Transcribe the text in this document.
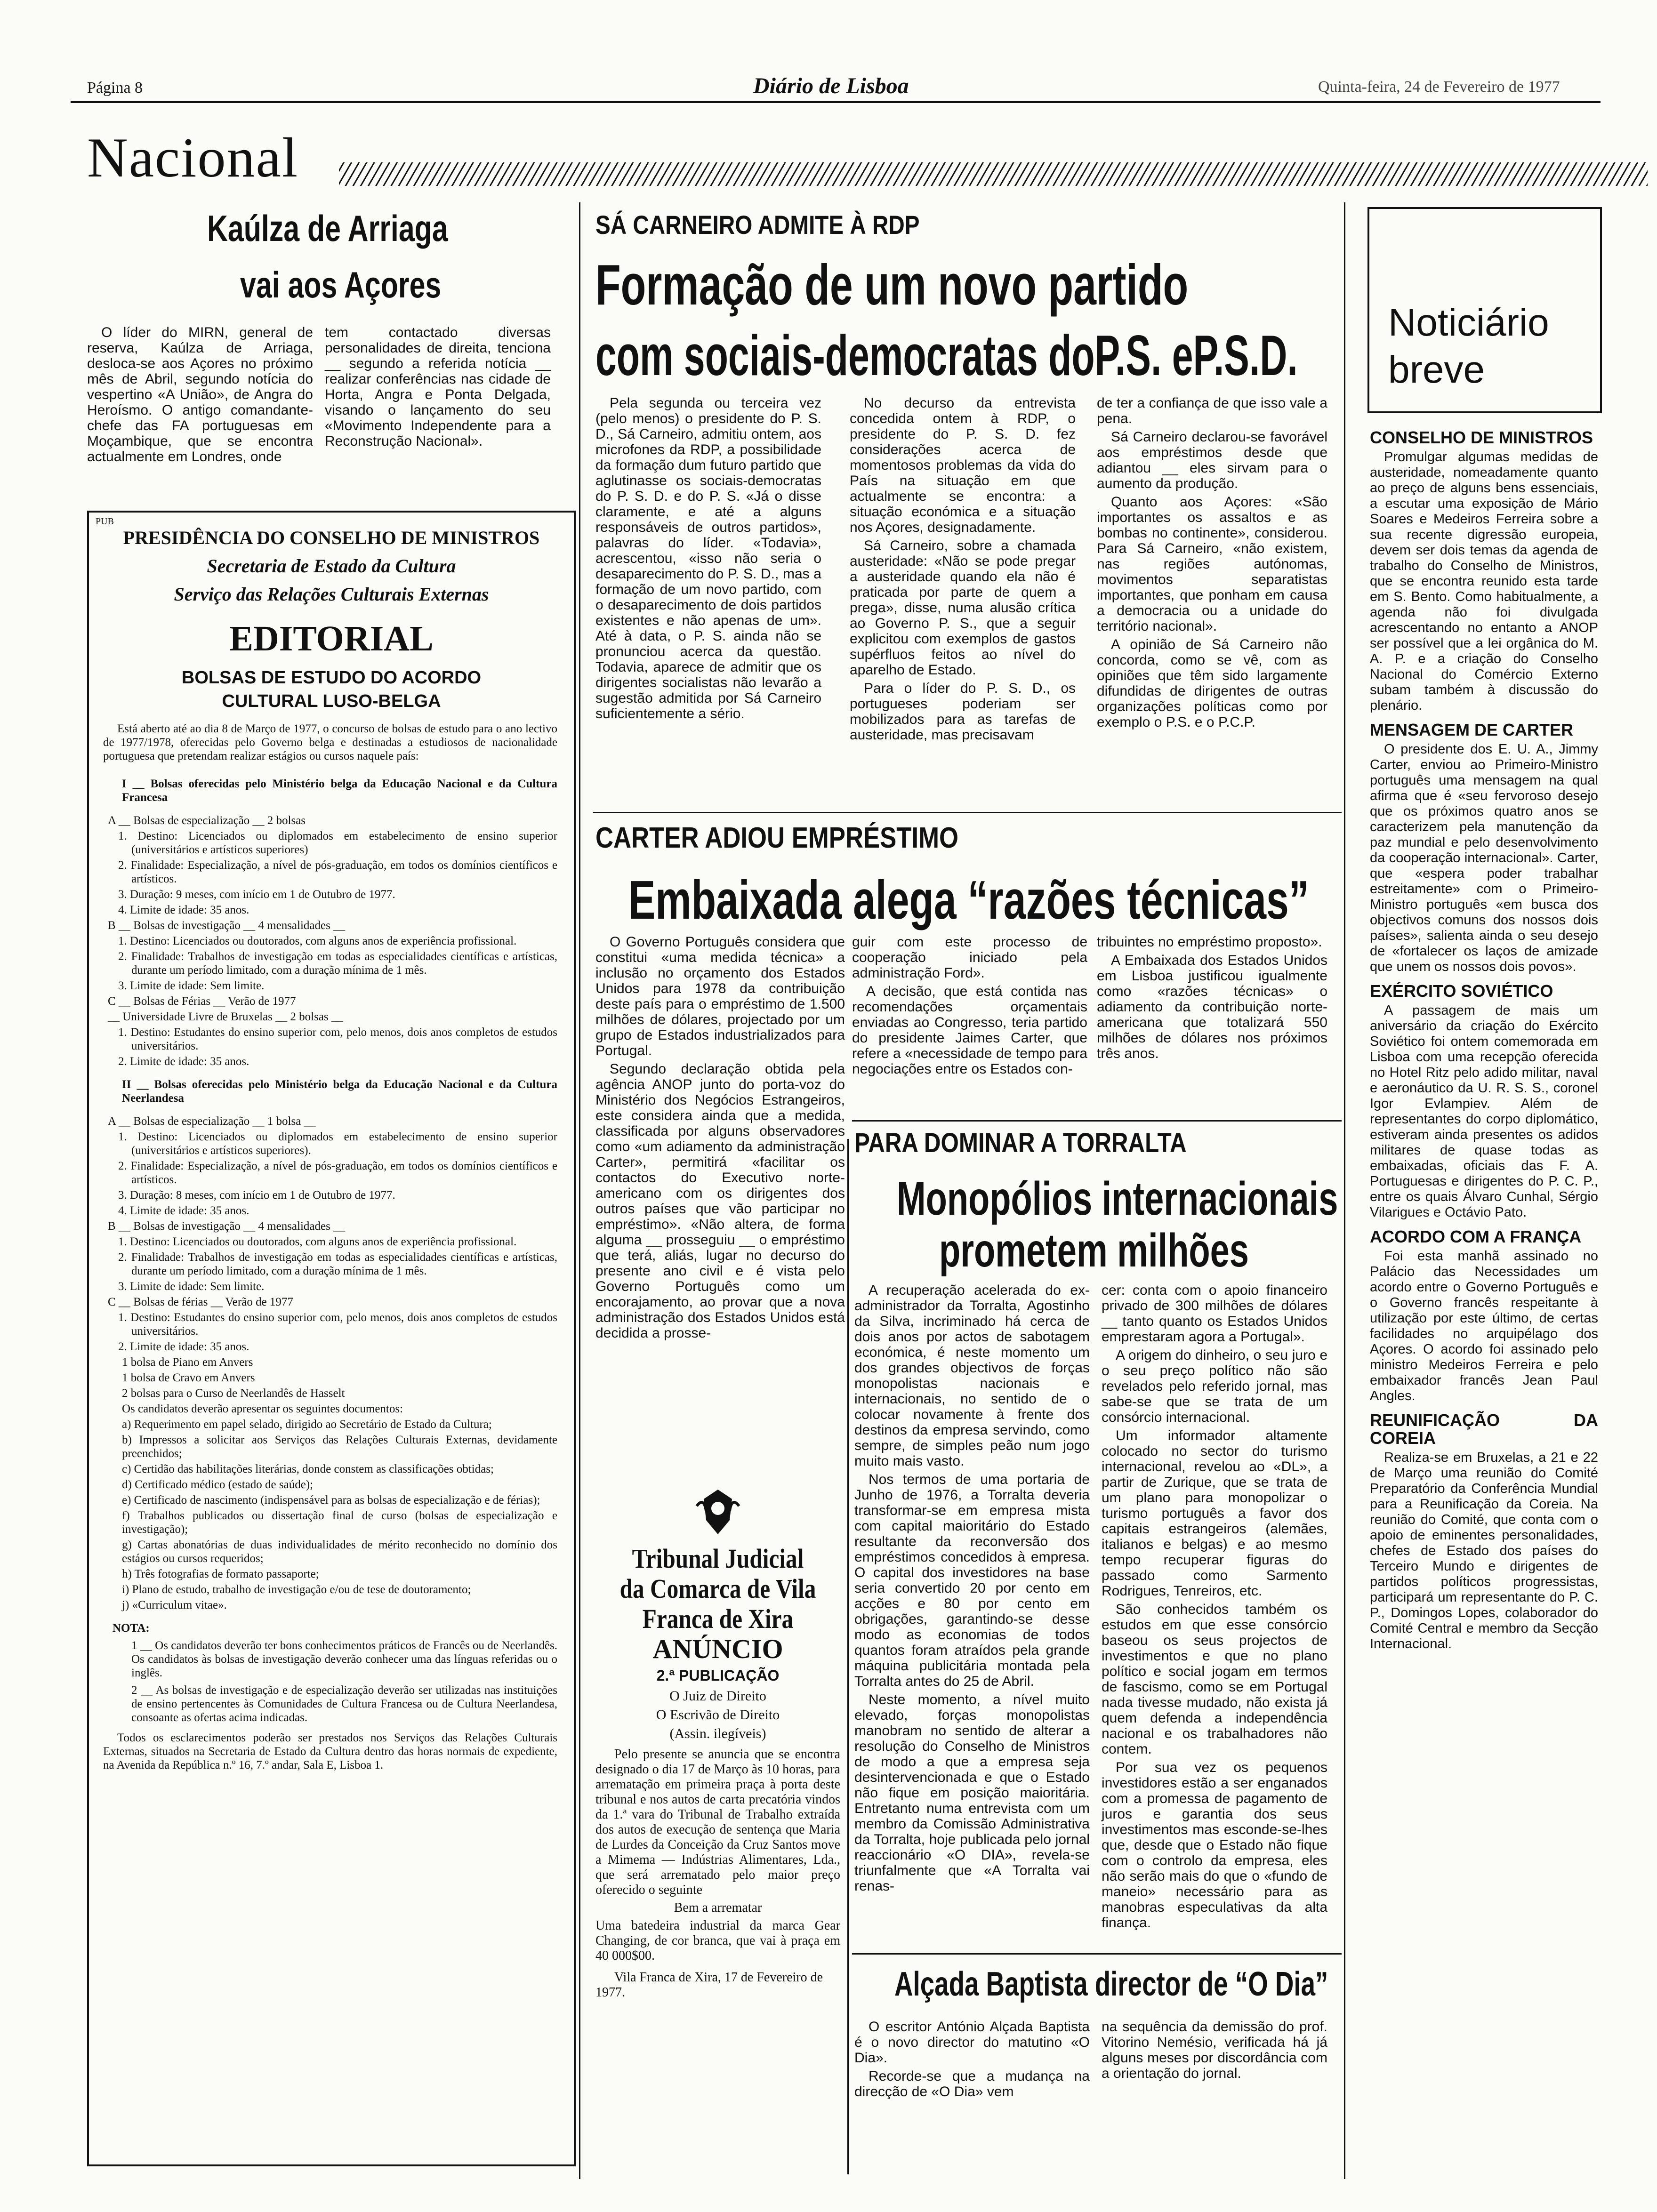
Página 8	Diário de Lisboa	Quinta-feira, 24 de Fevereiro de 1977
Nacional
Kaúlza de Arriaga
vai aos Açores

O líder do MIRN, general de reserva, Kaúlza de Arriaga, desloca-se aos Açores no próximo mês de Abril, segundo notícia do vespertino «A União», de Angra do Heroísmo. O antigo comandante-chefe das FA portuguesas em Moçambique, que se encontra actualmente em Londres, onde

tem contactado diversas personalidades de direita, tenciona __ segundo a referida notícia __ realizar conferências nas cidade de Horta, Angra e Ponta Delgada, visando o lançamento do seu «Movimento Independente para a Reconstrução Nacional».

PUB
PRESIDÊNCIA DO CONSELHO DE MINISTROS
Secretaria de Estado da Cultura
Serviço das Relações Culturais Externas
EDITORIAL
BOLSAS DE ESTUDO DO ACORDO
CULTURAL LUSO-BELGA

Está aberto até ao dia 8 de Março de 1977, o concurso de bolsas de estudo para o ano lectivo de 1977/1978, oferecidas pelo Governo belga e destinadas a estudiosos de nacionalidade portuguesa que pretendam realizar estágios ou cursos naquele país:

I __ Bolsas oferecidas pelo Ministério belga da Educação Nacional e da Cultura Francesa

A __ Bolsas de especialização __ 2 bolsas

1. Destino: Licenciados ou diplomados em estabelecimento de ensino superior (universitários e artísticos superiores)

2. Finalidade: Especialização, a nível de pós-graduação, em todos os domínios científicos e artísticos.

3. Duração: 9 meses, com início em 1 de Outubro de 1977.

4. Limite de idade: 35 anos.

B __ Bolsas de investigação __ 4 mensalidades __

1. Destino: Licenciados ou doutorados, com alguns anos de experiência profissional.

2. Finalidade: Trabalhos de investigação em todas as especialidades científicas e artísticas, durante um período limitado, com a duração mínima de 1 mês.

3. Limite de idade: Sem limite.

C __ Bolsas de Férias __ Verão de 1977

__ Universidade Livre de Bruxelas __ 2 bolsas __

1. Destino: Estudantes do ensino superior com, pelo menos, dois anos completos de estudos universitários.

2. Limite de idade: 35 anos.

II __ Bolsas oferecidas pelo Ministério belga da Educação Nacional e da Cultura Neerlandesa

A __ Bolsas de especialização __ 1 bolsa __

1. Destino: Licenciados ou diplomados em estabelecimento de ensino superior (universitários e artísticos superiores).

2. Finalidade: Especialização, a nível de pós-graduação, em todos os domínios científicos e artísticos.

3. Duração: 8 meses, com início em 1 de Outubro de 1977.

4. Limite de idade: 35 anos.

B __ Bolsas de investigação __ 4 mensalidades __

1. Destino: Licenciados ou doutorados, com alguns anos de experiência profissional.

2. Finalidade: Trabalhos de investigação em todas as especialidades científicas e artísticas, durante um período limitado, com a duração mínima de 1 mês.

3. Limite de idade: Sem limite.

C __ Bolsas de férias __ Verão de 1977

1. Destino: Estudantes do ensino superior com, pelo menos, dois anos completos de estudos universitários.

2. Limite de idade: 35 anos.

1 bolsa de Piano em Anvers

1 bolsa de Cravo em Anvers

2 bolsas para o Curso de Neerlandês de Hasselt

Os candidatos deverão apresentar os seguintes documentos:

a) Requerimento em papel selado, dirigido ao Secretário de Estado da Cultura;

b) Impressos a solicitar aos Serviços das Relações Culturais Externas, devidamente preenchidos;

c) Certidão das habilitações literárias, donde constem as classificações obtidas;

d) Certificado médico (estado de saúde);

e) Certificado de nascimento (indispensável para as bolsas de especialização e de férias);

f) Trabalhos publicados ou dissertação final de curso (bolsas de especialização e investigação);

g) Cartas abonatórias de duas individualidades de mérito reconhecido no domínio dos estágios ou cursos requeridos;

h) Três fotografias de formato passaporte;

i) Plano de estudo, trabalho de investigação e/ou de tese de doutoramento;

j) «Curriculum vitae».

NOTA:

1 __ Os candidatos deverão ter bons conhecimentos práticos de Francês ou de Neerlandês. Os candidatos às bolsas de investigação deverão conhecer uma das línguas referidas ou o inglês.

2 __ As bolsas de investigação e de especialização deverão ser utilizadas nas instituições de ensino pertencentes às Comunidades de Cultura Francesa ou de Cultura Neerlandesa, consoante as ofertas acima indicadas.

Todos os esclarecimentos poderão ser prestados nos Serviços das Relações Culturais Externas, situados na Secretaria de Estado da Cultura dentro das horas normais de expediente, na Avenida da República n.º 16, 7.º andar, Sala E, Lisboa 1.

SÁ CARNEIRO ADMITE À RDP
Formação de um novo partido
com sociais-democratas doP.S. eP.S.D.

Pela segunda ou terceira vez (pelo menos) o presidente do P. S. D., Sá Carneiro, admitiu ontem, aos microfones da RDP, a possibilidade da formação dum futuro partido que aglutinasse os sociais-democratas do P. S. D. e do P. S. «Já o disse claramente, e até a alguns responsáveis de outros partidos», palavras do líder. «Todavia», acrescentou, «isso não seria o desaparecimento do P. S. D., mas a formação de um novo partido, com o desaparecimento de dois partidos existentes e não apenas de um». Até à data, o P. S. ainda não se pronunciou acerca da questão. Todavia, aparece de admitir que os dirigentes socialistas não levarão a sugestão admitida por Sá Carneiro suficientemente a sério.

No decurso da entrevista concedida ontem à RDP, o presidente do P. S. D. fez considerações acerca de momentosos problemas da vida do País na situação em que actualmente se encontra: a situação económica e a situação nos Açores, designadamente.

Sá Carneiro, sobre a chamada austeridade: «Não se pode pregar a austeridade quando ela não é praticada por parte de quem a prega», disse, numa alusão crítica ao Governo P. S., que a seguir explicitou com exemplos de gastos supérfluos feitos ao nível do aparelho de Estado.

Para o líder do P. S. D., os portugueses poderiam ser mobilizados para as tarefas de austeridade, mas precisavam

de ter a confiança de que isso vale a pena.

Sá Carneiro declarou-se favorável aos empréstimos desde que adiantou __ eles sirvam para o aumento da produção.

Quanto aos Açores: «São importantes os assaltos e as bombas no continente», considerou. Para Sá Carneiro, «não existem, nas regiões autónomas, movimentos separatistas importantes, que ponham em causa a democracia ou a unidade do território nacional».

A opinião de Sá Carneiro não concorda, como se vê, com as opiniões que têm sido largamente difundidas de dirigentes de outras organizações políticas como por exemplo o P.S. e o P.C.P.

CARTER ADIOU EMPRÉSTIMO
Embaixada alega “razões técnicas”

O Governo Português considera que constitui «uma medida técnica» a inclusão no orçamento dos Estados Unidos para 1978 da contribuição deste país para o empréstimo de 1.500 milhões de dólares, projectado por um grupo de Estados industrializados para Portugal.

Segundo declaração obtida pela agência ANOP junto do porta-voz do Ministério dos Negócios Estrangeiros, este considera ainda que a medida, classificada por alguns observadores como «um adiamento da administração Carter», permitirá «facilitar os contactos do Executivo norte-americano com os dirigentes dos outros países que vão participar no empréstimo». «Não altera, de forma alguma __ prosseguiu __ o empréstimo que terá, aliás, lugar no decurso do presente ano civil e é vista pelo Governo Português como um encorajamento, ao provar que a nova administração dos Estados Unidos está decidida a prosse-

guir com este processo de cooperação iniciado pela administração Ford».

A decisão, que está contida nas recomendações orçamentais enviadas ao Congresso, teria partido do presidente Jaimes Carter, que refere a «necessidade de tempo para negociações entre os Estados con-

tribuintes no empréstimo proposto».

A Embaixada dos Estados Unidos em Lisboa justificou igualmente como «razões técnicas» o adiamento da contribuição norte-americana que totalizará 550 milhões de dólares nos próximos três anos.

PARA DOMINAR A TORRALTA
Monopólios internacionais
prometem milhões

A recuperação acelerada do ex-administrador da Torralta, Agostinho da Silva, incriminado há cerca de dois anos por actos de sabotagem económica, é neste momento um dos grandes objectivos de forças monopolistas nacionais e internacionais, no sentido de o colocar novamente à frente dos destinos da empresa servindo, como sempre, de simples peão num jogo muito mais vasto.

Nos termos de uma portaria de Junho de 1976, a Torralta deveria transformar-se em empresa mista com capital maioritário do Estado resultante da reconversão dos empréstimos concedidos à empresa. O capital dos investidores na base seria convertido 20 por cento em acções e 80 por cento em obrigações, garantindo-se desse modo as economias de todos quantos foram atraídos pela grande máquina publicitária montada pela Torralta antes do 25 de Abril.

Neste momento, a nível muito elevado, forças monopolistas manobram no sentido de alterar a resolução do Conselho de Ministros de modo a que a empresa seja desintervencionada e que o Estado não fique em posição maioritária. Entretanto numa entrevista com um membro da Comissão Administrativa da Torralta, hoje publicada pelo jornal reaccionário «O DIA», revela-se triunfalmente que «A Torralta vai renas-

cer: conta com o apoio financeiro privado de 300 milhões de dólares __ tanto quanto os Estados Unidos emprestaram agora a Portugal».

A origem do dinheiro, o seu juro e o seu preço político não são revelados pelo referido jornal, mas sabe-se que se trata de um consórcio internacional.

Um informador altamente colocado no sector do turismo internacional, revelou ao «DL», a partir de Zurique, que se trata de um plano para monopolizar o turismo português a favor dos capitais estrangeiros (alemães, italianos e belgas) e ao mesmo tempo recuperar figuras do passado como Sarmento Rodrigues, Tenreiros, etc.

São conhecidos também os estudos em que esse consórcio baseou os seus projectos de investimentos e que no plano político e social jogam em termos de fascismo, como se em Portugal nada tivesse mudado, não exista já quem defenda a independência nacional e os trabalhadores não contem.

Por sua vez os pequenos investidores estão a ser enganados com a promessa de pagamento de juros e garantia dos seus investimentos mas esconde-se-lhes que, desde que o Estado não fique com o controlo da empresa, eles não serão mais do que o «fundo de maneio» necessário para as manobras especulativas da alta finança.

Tribunal Judicial
da Comarca de Vila
Franca de Xira
ANÚNCIO
2.ª PUBLICAÇÃO
O Juiz de Direito
O Escrivão de Direito
(Assin. ilegíveis)
Pelo presente se anuncia que se encontra designado o dia 17 de Março às 10 horas, para arrematação em primeira praça à porta deste tribunal e nos autos de carta precatória vindos da 1.ª vara do Tribunal de Trabalho extraída dos autos de execução de sentença que Maria de Lurdes da Conceição da Cruz Santos move a Mimema — Indústrias Alimentares, Lda., que será arrematado pelo maior preço oferecido o seguinte
Bem a arrematar
Uma batedeira industrial da marca Gear Changing, de cor branca, que vai à praça em 40 000$00.
Vila Franca de Xira, 17 de Fevereiro de 1977.	Alçada Baptista director de “O Dia”

O escritor António Alçada Baptista é o novo director do matutino «O Dia».

Recorde-se que a mudança na direcção de «O Dia» vem

na sequência da demissão do prof. Vitorino Nemésio, verificada há já alguns meses por discordância com a orientação do jornal.

Noticiário
breve
CONSELHO DE MINISTROS

Promulgar algumas medidas de austeridade, nomeadamente quanto ao preço de alguns bens essenciais, a escutar uma exposição de Mário Soares e Medeiros Ferreira sobre a sua recente digressão europeia, devem ser dois temas da agenda de trabalho do Conselho de Ministros, que se encontra reunido esta tarde em S. Bento. Como habitualmente, a agenda não foi divulgada acrescentando no entanto a ANOP ser possível que a lei orgânica do M. A. P. e a criação do Conselho Nacional do Comércio Externo subam também à discussão do plenário.

MENSAGEM DE CARTER

O presidente dos E. U. A., Jimmy Carter, enviou ao Primeiro-Ministro português uma mensagem na qual afirma que é «seu fervoroso desejo que os próximos quatro anos se caracterizem pela manutenção da paz mundial e pelo desenvolvimento da cooperação internacional». Carter, que «espera poder trabalhar estreitamente» com o Primeiro-Ministro português «em busca dos objectivos comuns dos nossos dois países», salienta ainda o seu desejo de «fortalecer os laços de amizade que unem os nossos dois povos».

EXÉRCITO SOVIÉTICO

A passagem de mais um aniversário da criação do Exército Soviético foi ontem comemorada em Lisboa com uma recepção oferecida no Hotel Ritz pelo adido militar, naval e aeronáutico da U. R. S. S., coronel Igor Evlampiev. Além de representantes do corpo diplomático, estiveram ainda presentes os adidos militares de quase todas as embaixadas, oficiais das F. A. Portuguesas e dirigentes do P. C. P., entre os quais Álvaro Cunhal, Sérgio Vilarigues e Octávio Pato.

ACORDO COM A FRANÇA

Foi esta manhã assinado no Palácio das Necessidades um acordo entre o Governo Português e o Governo francês respeitante à utilização por este último, de certas facilidades no arquipélago dos Açores. O acordo foi assinado pelo ministro Medeiros Ferreira e pelo embaixador francês Jean Paul Angles.

REUNIFICAÇÃO DA COREIA

Realiza-se em Bruxelas, a 21 e 22 de Março uma reunião do Comité Preparatório da Conferência Mundial para a Reunificação da Coreia. Na reunião do Comité, que conta com o apoio de eminentes personalidades, chefes de Estado dos países do Terceiro Mundo e dirigentes de partidos políticos progressistas, participará um representante do P. C. P., Domingos Lopes, colaborador do Comité Central e membro da Secção Internacional.
